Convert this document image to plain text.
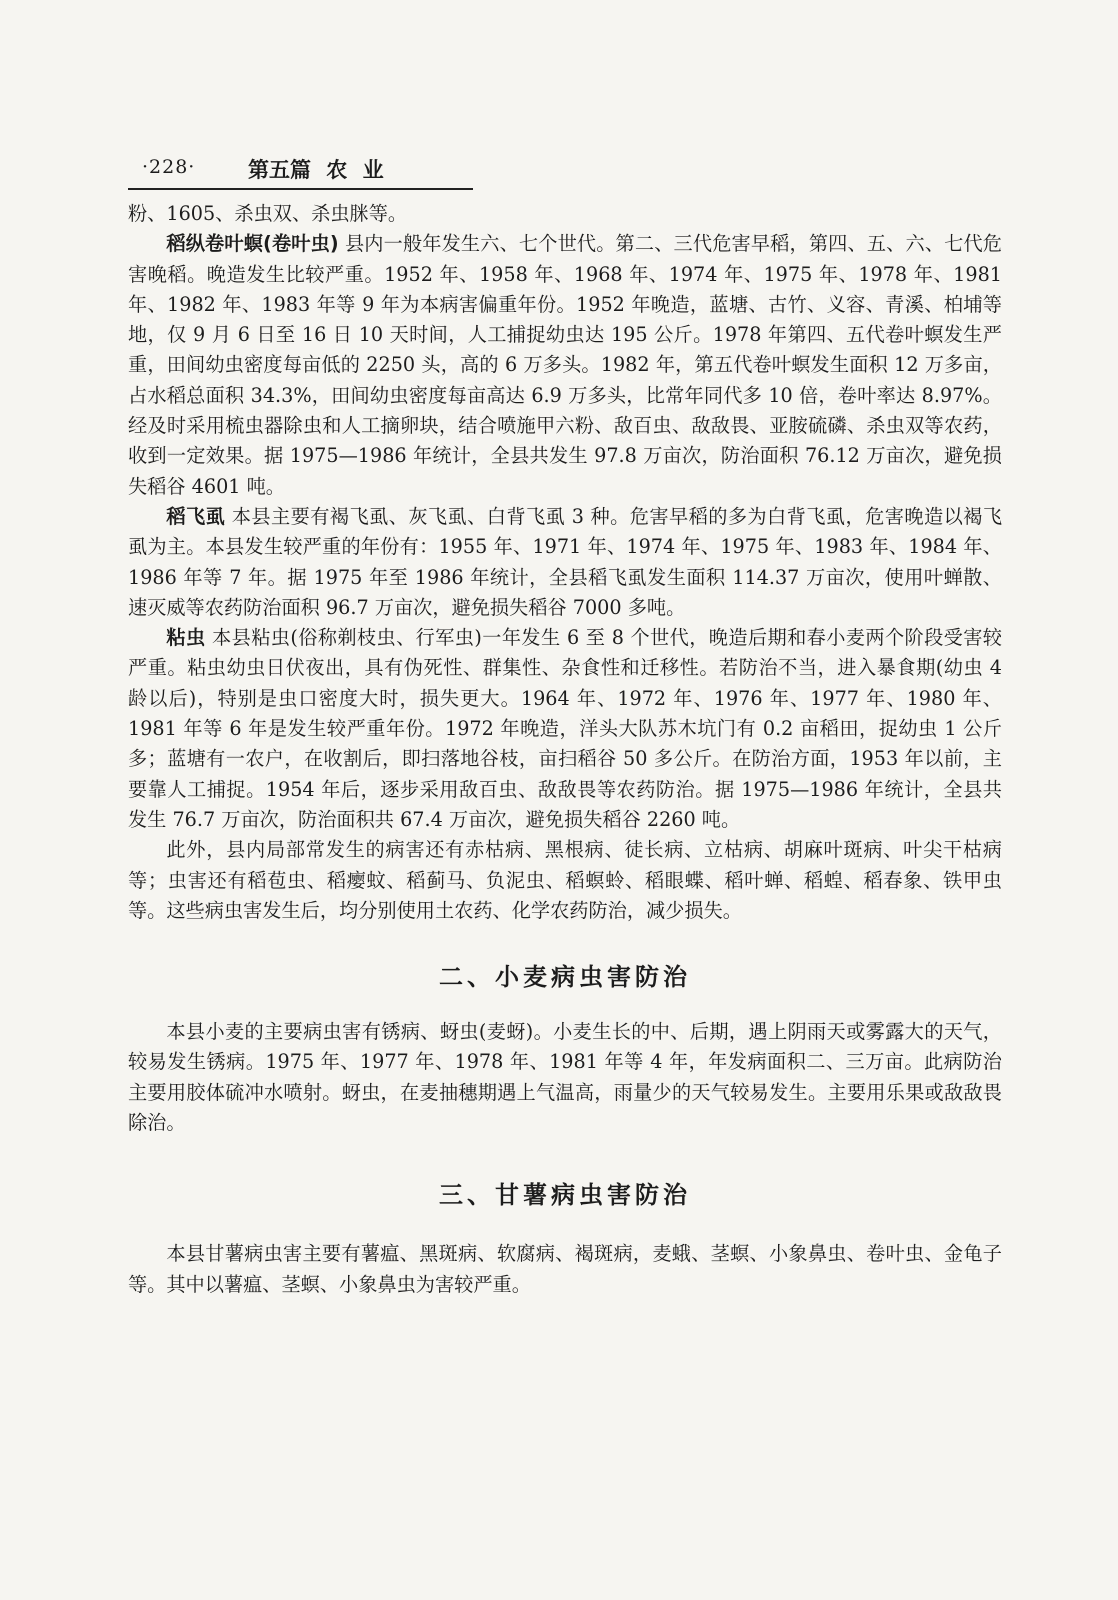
·228·	第五篇 农 业

粉、1605、杀虫双、杀虫脒等。

稻纵卷叶螟(卷叶虫) 县内一般年发生六、七个世代。第二、三代危害早稻，第四、五、六、七代危害晚稻。晚造发生比较严重。1952 年、1958 年、1968 年、1974 年、1975 年、1978 年、1981 年、1982 年、1983 年等 9 年为本病害偏重年份。1952 年晚造，蓝塘、古竹、义容、青溪、柏埔等地，仅 9 月 6 日至 16 日 10 天时间，人工捕捉幼虫达 195 公斤。1978 年第四、五代卷叶螟发生严重，田间幼虫密度每亩低的 2250 头，高的 6 万多头。1982 年，第五代卷叶螟发生面积 12 万多亩，占水稻总面积 34.3%，田间幼虫密度每亩高达 6.9 万多头，比常年同代多 10 倍，卷叶率达 8.97%。经及时采用梳虫器除虫和人工摘卵块，结合喷施甲六粉、敌百虫、敌敌畏、亚胺硫磷、杀虫双等农药，收到一定效果。据 1975—1986 年统计，全县共发生 97.8 万亩次，防治面积 76.12 万亩次，避免损失稻谷 4601 吨。

稻飞虱 本县主要有褐飞虱、灰飞虱、白背飞虱 3 种。危害早稻的多为白背飞虱，危害晚造以褐飞虱为主。本县发生较严重的年份有：1955 年、1971 年、1974 年、1975 年、1983 年、1984 年、1986 年等 7 年。据 1975 年至 1986 年统计，全县稻飞虱发生面积 114.37 万亩次，使用叶蝉散、速灭威等农药防治面积 96.7 万亩次，避免损失稻谷 7000 多吨。

粘虫 本县粘虫(俗称剃枝虫、行军虫)一年发生 6 至 8 个世代，晚造后期和春小麦两个阶段受害较严重。粘虫幼虫日伏夜出，具有伪死性、群集性、杂食性和迁移性。若防治不当，进入暴食期(幼虫 4 龄以后)，特别是虫口密度大时，损失更大。1964 年、1972 年、1976 年、1977 年、1980 年、1981 年等 6 年是发生较严重年份。1972 年晚造，洋头大队苏木坑门有 0.2 亩稻田，捉幼虫 1 公斤多；蓝塘有一农户，在收割后，即扫落地谷枝，亩扫稻谷 50 多公斤。在防治方面，1953 年以前，主要靠人工捕捉。1954 年后，逐步采用敌百虫、敌敌畏等农药防治。据 1975—1986 年统计，全县共发生 76.7 万亩次，防治面积共 67.4 万亩次，避免损失稻谷 2260 吨。

此外，县内局部常发生的病害还有赤枯病、黑根病、徒长病、立枯病、胡麻叶斑病、叶尖干枯病等；虫害还有稻苞虫、稻瘿蚊、稻蓟马、负泥虫、稻螟蛉、稻眼蝶、稻叶蝉、稻蝗、稻春象、铁甲虫等。这些病虫害发生后，均分别使用土农药、化学农药防治，减少损失。

二、小麦病虫害防治

本县小麦的主要病虫害有锈病、蚜虫(麦蚜)。小麦生长的中、后期，遇上阴雨天或雾露大的天气，较易发生锈病。1975 年、1977 年、1978 年、1981 年等 4 年，年发病面积二、三万亩。此病防治主要用胶体硫冲水喷射。蚜虫，在麦抽穗期遇上气温高，雨量少的天气较易发生。主要用乐果或敌敌畏除治。

三、甘薯病虫害防治

本县甘薯病虫害主要有薯瘟、黑斑病、软腐病、褐斑病，麦蛾、茎螟、小象鼻虫、卷叶虫、金龟子等。其中以薯瘟、茎螟、小象鼻虫为害较严重。
